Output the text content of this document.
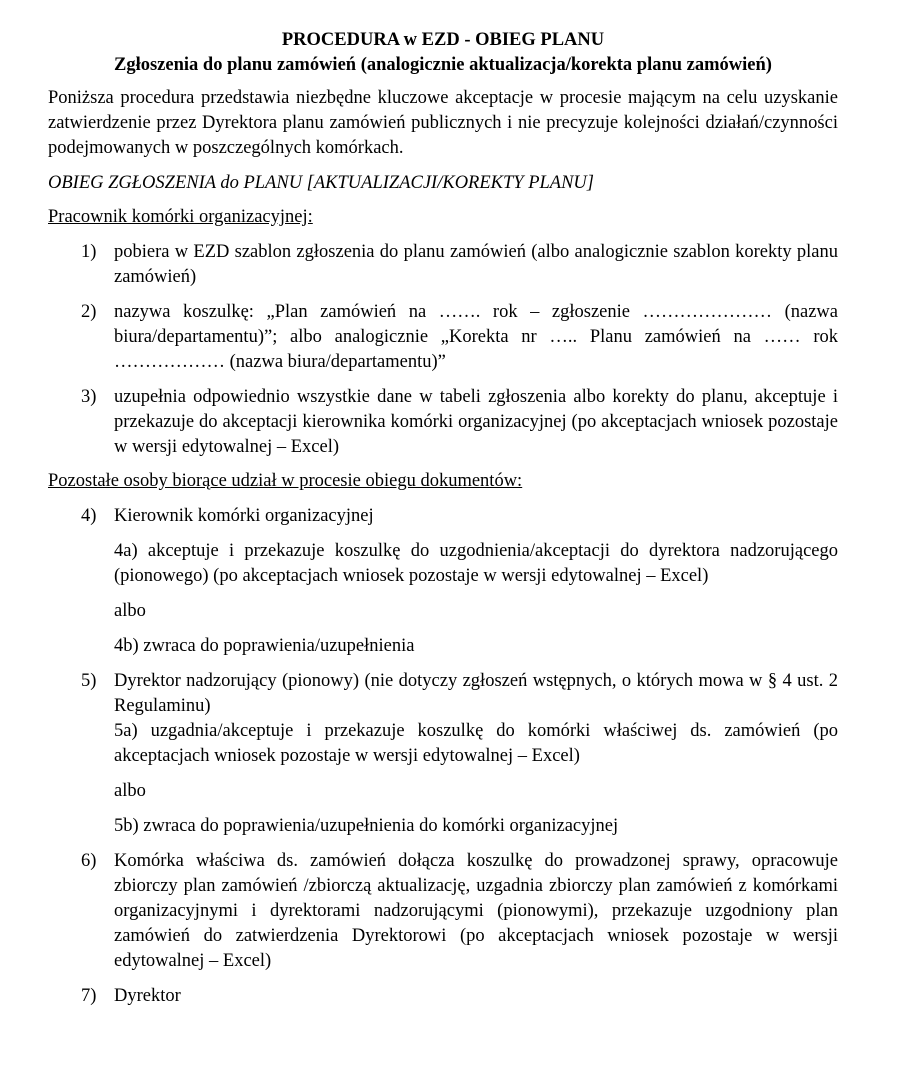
PROCEDURA w EZD - OBIEG PLANU

Zgłoszenia do planu zamówień (analogicznie aktualizacja/korekta planu zamówień)

Poniższa procedura przedstawia niezbędne kluczowe akceptacje w procesie mającym na celu uzyskanie zatwierdzenie przez Dyrektora planu zamówień publicznych i nie precyzuje kolejności działań/czynności podejmowanych w poszczególnych komórkach.

OBIEG ZGŁOSZENIA do PLANU [AKTUALIZACJI/KOREKTY PLANU]

Pracownik komórki organizacyjnej:

1) pobiera w EZD szablon zgłoszenia do planu zamówień (albo analogicznie szablon korekty planu zamówień)
2) nazywa koszulkę: „Plan zamówień na ……. rok – zgłoszenie ………………… (nazwa biura/departamentu)”; albo analogicznie „Korekta nr ….. Planu zamówień na …… rok ……………… (nazwa biura/departamentu)”
3) uzupełnia odpowiednio wszystkie dane w tabeli zgłoszenia albo korekty do planu, akceptuje i przekazuje do akceptacji kierownika komórki organizacyjnej (po akceptacjach wniosek pozostaje w wersji edytowalnej – Excel)

Pozostałe osoby biorące udział w procesie obiegu dokumentów:

4) Kierownik komórki organizacyjnej
4a) akceptuje i przekazuje koszulkę do uzgodnienia/akceptacji do dyrektora nadzorującego (pionowego) (po akceptacjach wniosek pozostaje w wersji edytowalnej – Excel)
albo
4b) zwraca do poprawienia/uzupełnienia
5) Dyrektor nadzorujący (pionowy) (nie dotyczy zgłoszeń wstępnych, o których mowa w § 4 ust. 2 Regulaminu)
5a) uzgadnia/akceptuje i przekazuje koszulkę do komórki właściwej ds. zamówień (po akceptacjach wniosek pozostaje w wersji edytowalnej – Excel)
albo
5b) zwraca do poprawienia/uzupełnienia do komórki organizacyjnej
6) Komórka właściwa ds. zamówień dołącza koszulkę do prowadzonej sprawy, opracowuje zbiorczy plan zamówień /zbiorczą aktualizację, uzgadnia zbiorczy plan zamówień z komórkami organizacyjnymi i dyrektorami nadzorującymi (pionowymi), przekazuje uzgodniony plan zamówień do zatwierdzenia Dyrektorowi (po akceptacjach wniosek pozostaje w wersji edytowalnej – Excel)
7) Dyrektor
